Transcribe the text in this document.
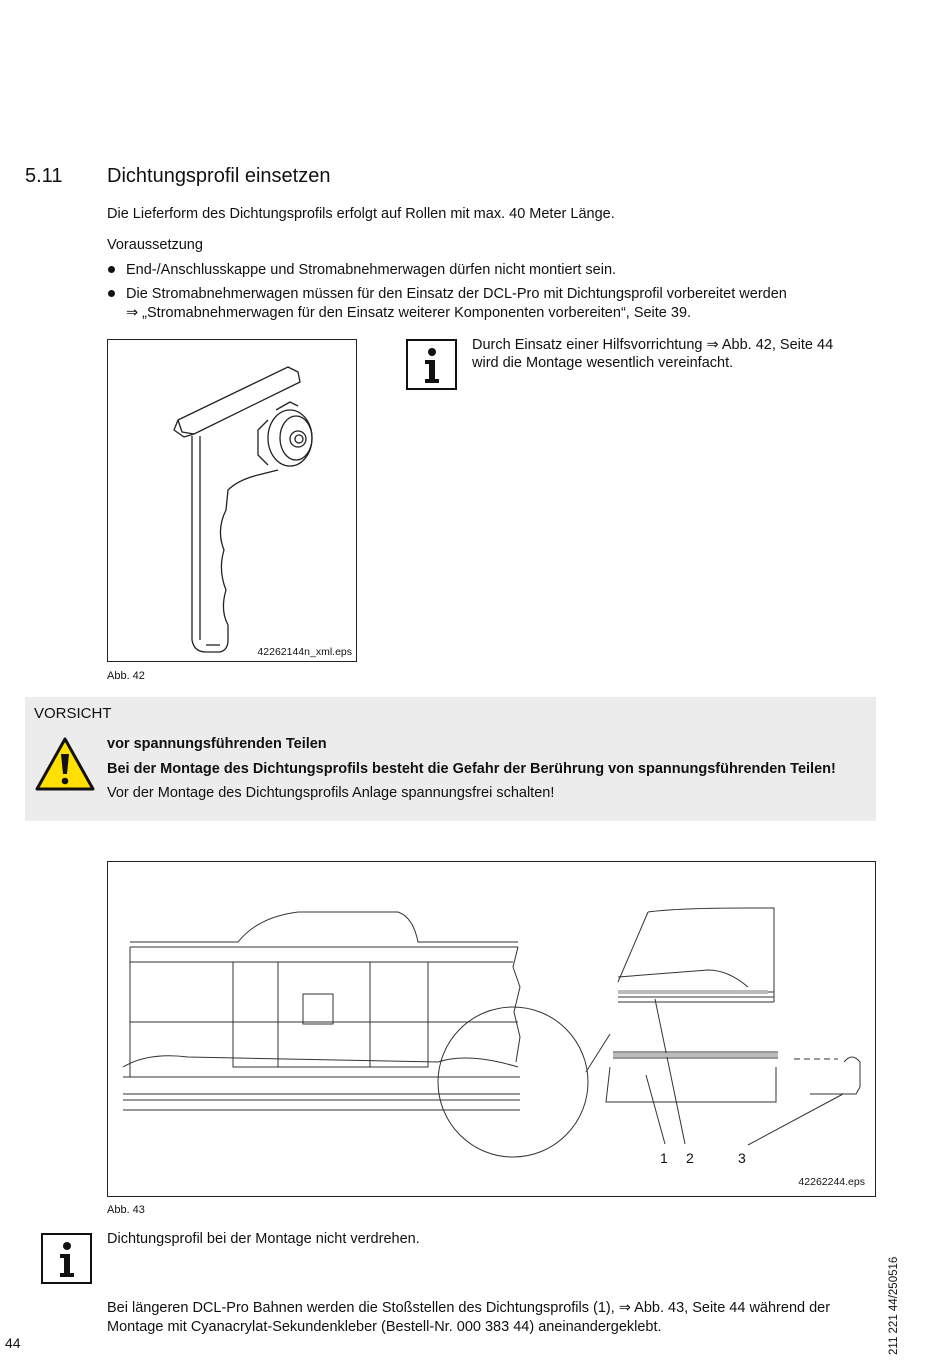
5.11 Dichtungsprofil einsetzen
Die Lieferform des Dichtungsprofils erfolgt auf Rollen mit max. 40 Meter Länge.
Voraussetzung
End-/Anschlusskappe und Stromabnehmerwagen dürfen nicht montiert sein.
Die Stromabnehmerwagen müssen für den Einsatz der DCL-Pro mit Dichtungsprofil vorbereitet werden
⇒ „Stromabnehmerwagen für den Einsatz weiterer Komponenten vorbereiten“, Seite 39.
42262144n_xml.eps
Abb. 42
Durch Einsatz einer Hilfsvorrichtung ⇒ Abb. 42, Seite 44
wird die Montage wesentlich vereinfacht.
VORSICHT
vor spannungsführenden Teilen
Bei der Montage des Dichtungsprofils besteht die Gefahr der Berührung von spannungsführenden Teilen!
Vor der Montage des Dichtungsprofils Anlage spannungsfrei schalten!
1 2	3
42262244.eps
Abb. 43
Dichtungsprofil bei der Montage nicht verdrehen.
Bei längeren DCL-Pro Bahnen werden die Stoßstellen des Dichtungsprofils (1), ⇒ Abb. 43, Seite 44 während der
Montage mit Cyanacrylat-Sekundenkleber (Bestell-Nr. 000 383 44) aneinandergeklebt.
44	211 221 44/250516
